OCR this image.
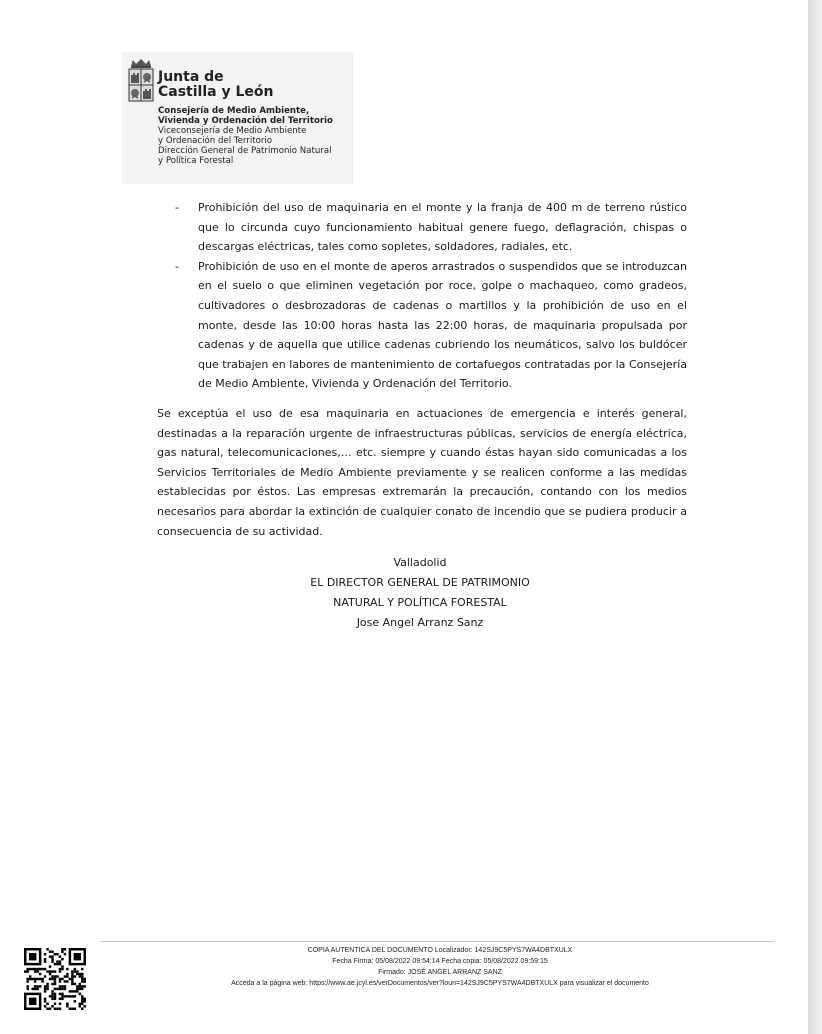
Junta de
Castilla y León
Consejería de Medio Ambiente,
Vivienda y Ordenación del Territorio
Viceconsejería de Medio Ambiente
y Ordenación del Territorio
Dirección General de Patrimonio Natural
y Política Forestal
- Prohibición del uso de maquinaria en el monte y la franja de 400 m de terreno rústico que lo circunda cuyo funcionamiento habitual genere fuego, deflagración, chispas o descargas eléctricas, tales como sopletes, soldadores, radiales, etc.
- Prohibición de uso en el monte de aperos arrastrados o suspendidos que se introduzcan en el suelo o que eliminen vegetación por roce, golpe o machaqueo, como gradeos, cultivadores o desbrozadoras de cadenas o martillos y la prohibición de uso en el monte, desde las 10:00 horas hasta las 22:00 horas, de maquinaria propulsada por cadenas y de aquella que utilice cadenas cubriendo los neumáticos, salvo los buldócer que trabajen en labores de mantenimiento de cortafuegos contratadas por la Consejería de Medio Ambiente, Vivienda y Ordenación del Territorio.
Se exceptúa el uso de esa maquinaria en actuaciones de emergencia e interés general, destinadas a la reparación urgente de infraestructuras públicas, servicios de energía eléctrica, gas natural, telecomunicaciones,… etc. siempre y cuando éstas hayan sido comunicadas a los Servicios Territoriales de Medio Ambiente previamente y se realicen conforme a las medidas establecidas por éstos. Las empresas extremarán la precaución, contando con los medios necesarios para abordar la extinción de cualquier conato de incendio que se pudiera producir a consecuencia de su actividad.
Valladolid
EL DIRECTOR GENERAL DE PATRIMONIO
NATURAL Y POLÍTICA FORESTAL
Jose Angel Arranz Sanz
COPIA AUTENTICA DEL DOCUMENTO Localizador: 142SJ9C5PYS7WA4DBTXULX
Fecha Firma: 05/08/2022 09:54:14 Fecha copia: 05/08/2022 09:59:15
Firmado: JOSÉ ANGEL ARRANZ SANZ
Acceda a la página web: https://www.ae.jcyl.es/verDocumentos/ver?loun=142SJ9C5PYS7WA4DBTXULX para visualizar el documento
